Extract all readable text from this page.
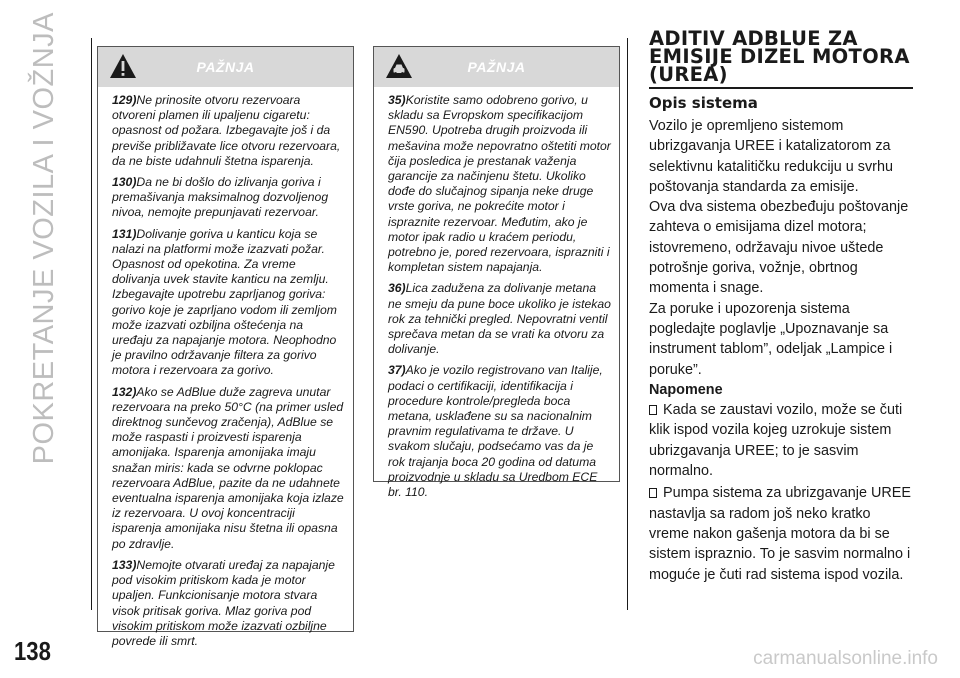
POKRETANJE VOZILA I VOŽNJA
138
PAŽNJA

129)Ne prinosite otvoru rezervoara otvoreni plamen ili upaljenu cigaretu: opasnost od požara. Izbegavajte još i da previše približavate lice otvoru rezervoara, da ne biste udahnuli štetna isparenja.

130)Da ne bi došlo do izlivanja goriva i premašivanja maksimalnog dozvoljenog nivoa, nemojte prepunjavati rezervoar.

131)Dolivanje goriva u kanticu koja se nalazi na platformi može izazvati požar. Opasnost od opekotina. Za vreme dolivanja uvek stavite kanticu na zemlju. Izbegavajte upotrebu zaprljanog goriva: gorivo koje je zaprljano vodom ili zemljom može izazvati ozbiljna oštećenja na uređaju za napajanje motora. Neophodno je pravilno održavanje filtera za gorivo motora i rezervoara za gorivo.

132)Ako se AdBlue duže zagreva unutar rezervoara na preko 50°C (na primer usled direktnog sunčevog zračenja), AdBlue se može raspasti i proizvesti isparenja amonijaka. Isparenja amonijaka imaju snažan miris: kada se odvrne poklopac rezervoara AdBlue, pazite da ne udahnete eventualna isparenja amonijaka koja izlaze iz rezervoara. U ovoj koncentraciji isparenja amonijaka nisu štetna ili opasna po zdravlje.

133)Nemojte otvarati uređaj za napajanje pod visokim pritiskom kada je motor upaljen. Funkcionisanje motora stvara visok pritisak goriva. Mlaz goriva pod visokim pritiskom može izazvati ozbiljne povrede ili smrt.

PAŽNJA

35)Koristite samo odobreno gorivo, u skladu sa Evropskom specifikacijom EN590. Upotreba drugih proizvoda ili mešavina može nepovratno oštetiti motor čija posledica je prestanak važenja garancije za načinjenu štetu. Ukoliko dođe do slučajnog sipanja neke druge vrste goriva, ne pokrećite motor i ispraznite rezervoar. Međutim, ako je motor ipak radio u kraćem periodu, potrebno je, pored rezervoara, isprazniti i kompletan sistem napajanja.

36)Lica zadužena za dolivanje metana ne smeju da pune boce ukoliko je istekao rok za tehnički pregled. Nepovratni ventil sprečava metan da se vrati ka otvoru za dolivanje.

37)Ako je vozilo registrovano van Italije, podaci o certifikaciji, identifikacija i procedure kontrole/pregleda boca metana, usklađene su sa nacionalnim pravnim regulativama te države. U svakom slučaju, podsećamo vas da je rok trajanja boca 20 godina od datuma proizvodnje u skladu sa Uredbom ECE br. 110.

ADITIV ADBLUE ZA EMISIJE DIZEL MOTORA (UREA)
Opis sistema

Vozilo je opremljeno sistemom ubrizgavanja UREE i katalizatorom za selektivnu katalitičku redukciju u svrhu poštovanja standarda za emisije.

Ova dva sistema obezbeđuju poštovanje zahteva o emisijama dizel motora; istovremeno, održavaju nivoe uštede potrošnje goriva, vožnje, obrtnog momenta i snage.

Za poruke i upozorenja sistema pogledajte poglavlje „Upoznavanje sa instrument tablom”, odeljak „Lampice i poruke”.

Napomene

Kada se zaustavi vozilo, može se čuti klik ispod vozila kojeg uzrokuje sistem ubrizgavanja UREE; to je sasvim normalno.

Pumpa sistema za ubrizgavanje UREE nastavlja sa radom još neko kratko vreme nakon gašenja motora da bi se sistem ispraznio. To je sasvim normalno i moguće je čuti rad sistema ispod vozila.

carmanualsonline.info
